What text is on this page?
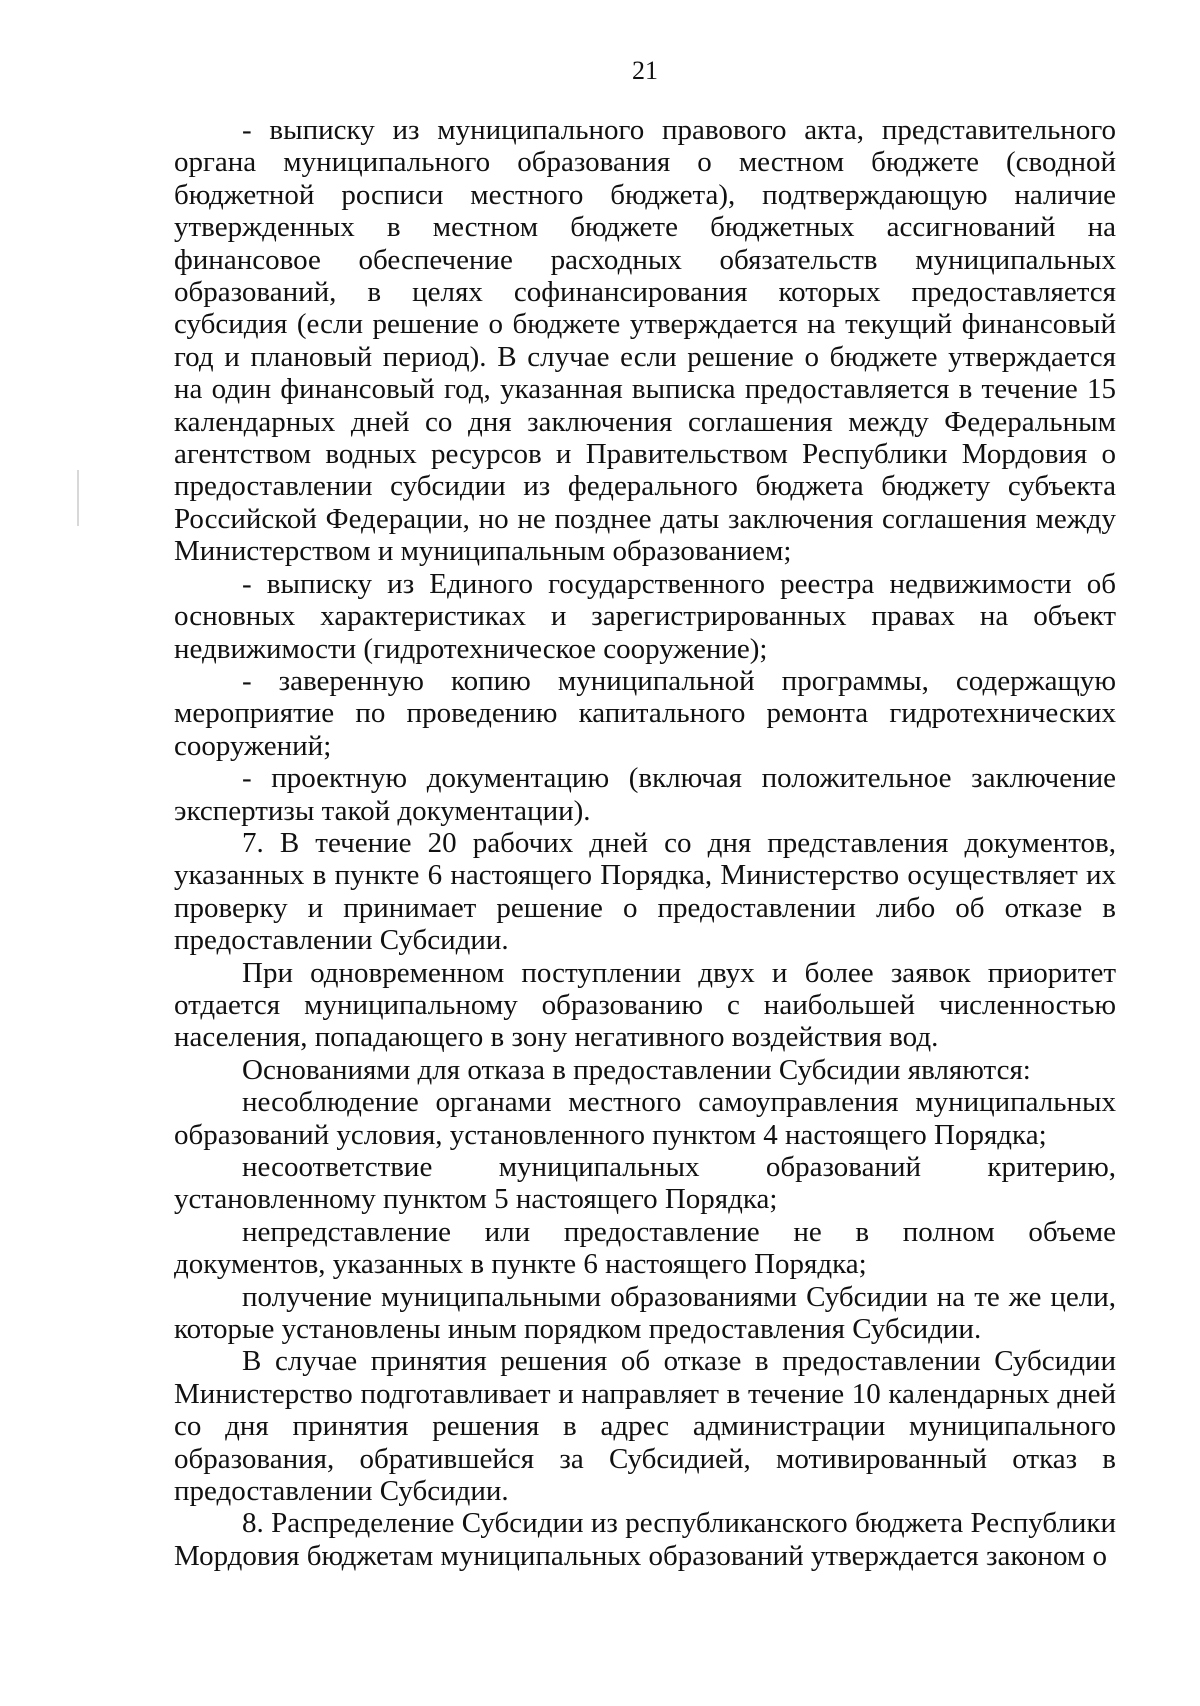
21

- выписку из муниципального правового акта, представительного органа муниципального образования о местном бюджете (сводной бюджетной росписи местного бюджета), подтверждающую наличие утвержденных в местном бюджете бюджетных ассигнований на финансовое обеспечение расходных обязательств муниципальных образований, в целях софинансирования которых предоставляется субсидия (если решение о бюджете утверждается на текущий финансовый год и плановый период). В случае если решение о бюджете утверждается на один финансовый год, указанная выписка предоставляется в течение 15 календарных дней со дня заключения соглашения между Федеральным агентством водных ресурсов и Правительством Республики Мордовия о предоставлении субсидии из федерального бюджета бюджету субъекта Российской Федерации, но не позднее даты заключения соглашения между Министерством и муниципальным образованием;

- выписку из Единого государственного реестра недвижимости об основных характеристиках и зарегистрированных правах на объект недвижимости (гидротехническое сооружение);

- заверенную копию муниципальной программы, содержащую мероприятие по проведению капитального ремонта гидротехнических сооружений;

- проектную документацию (включая положительное заключение экспертизы такой документации).

7. В течение 20 рабочих дней со дня представления документов, указанных в пункте 6 настоящего Порядка, Министерство осуществляет их проверку и принимает решение о предоставлении либо об отказе в предоставлении Субсидии.

При одновременном поступлении двух и более заявок приоритет отдается муниципальному образованию с наибольшей численностью населения, попадающего в зону негативного воздействия вод.

Основаниями для отказа в предоставлении Субсидии являются:

несоблюдение органами местного самоуправления муниципальных образований условия, установленного пунктом 4 настоящего Порядка;

несоответствие муниципальных образований критерию, установленному пунктом 5 настоящего Порядка;

непредставление или предоставление не в полном объеме документов, указанных в пункте 6 настоящего Порядка;

получение муниципальными образованиями Субсидии на те же цели, которые установлены иным порядком предоставления Субсидии.

В случае принятия решения об отказе в предоставлении Субсидии Министерство подготавливает и направляет в течение 10 календарных дней со дня принятия решения в адрес администрации муниципального образования, обратившейся за Субсидией, мотивированный отказ в предоставлении Субсидии.

8. Распределение Субсидии из республиканского бюджета Республики Мордовия бюджетам муниципальных образований утверждается законом о
